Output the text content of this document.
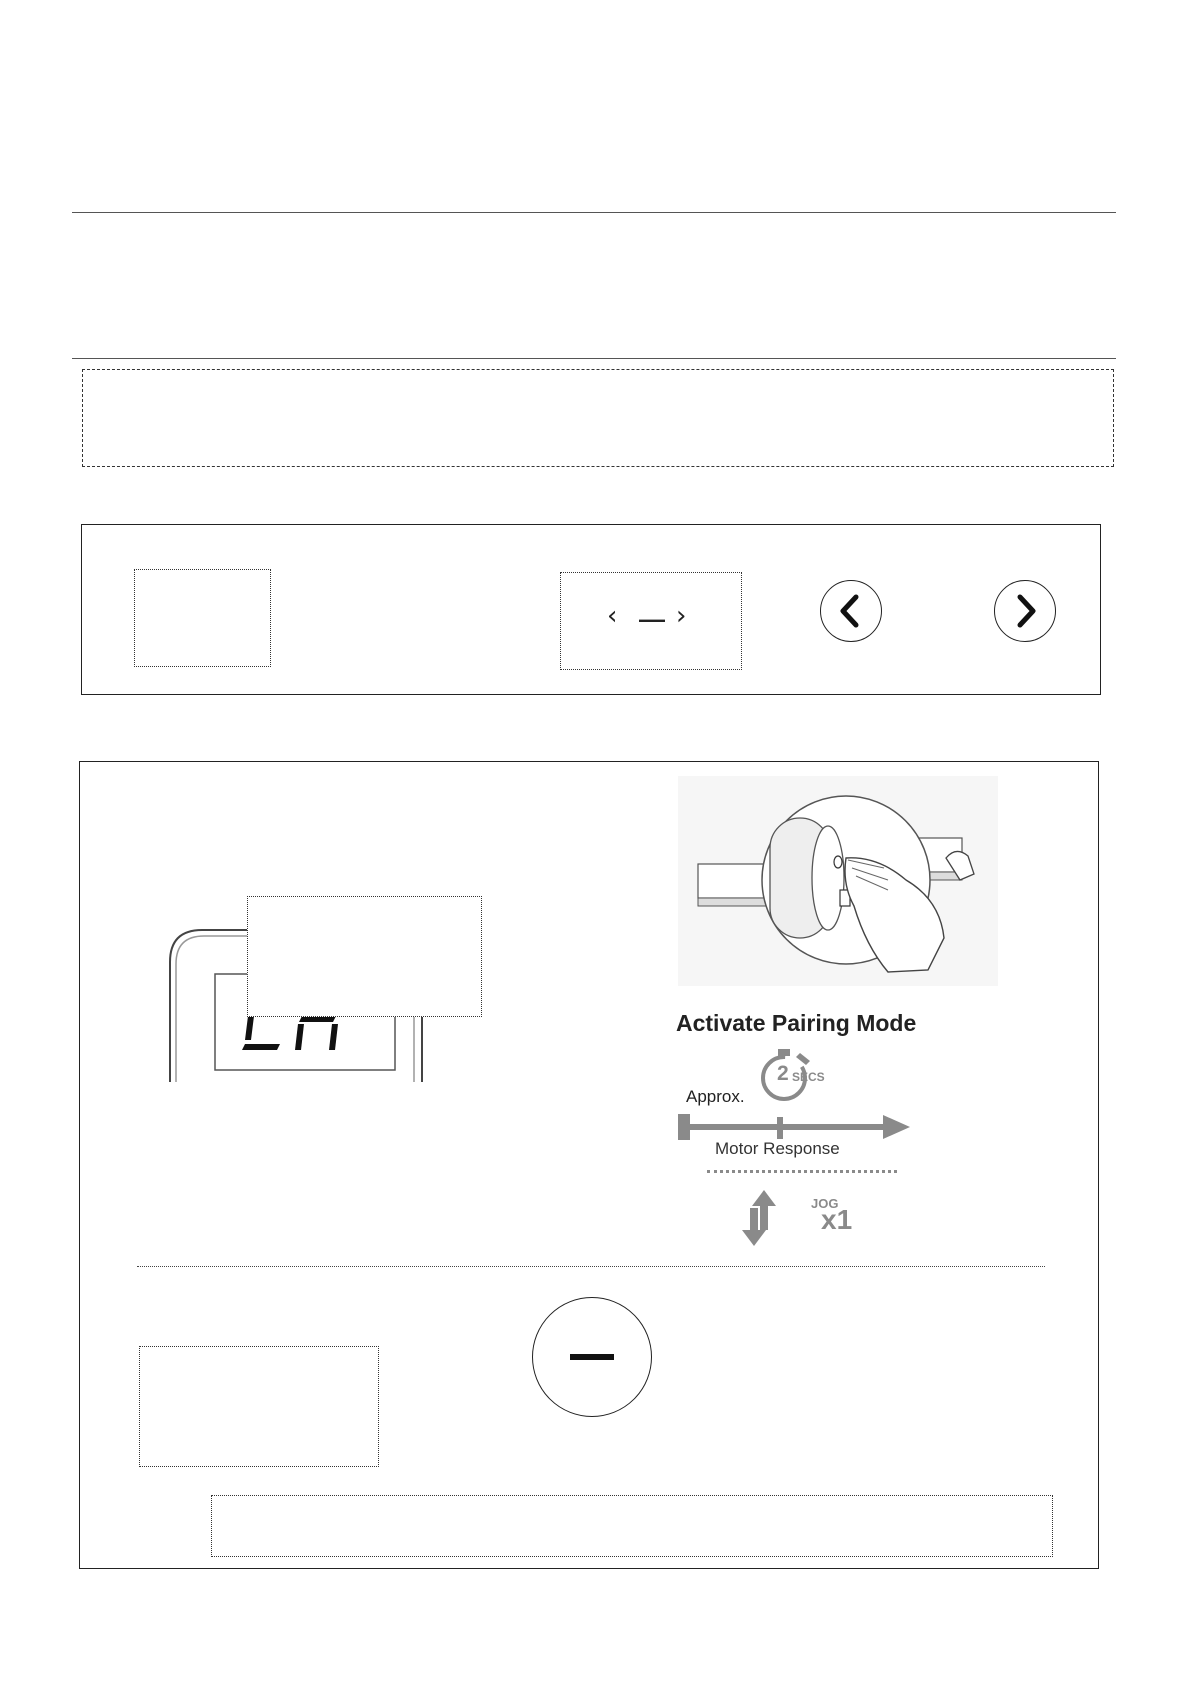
‹ __ ›
Activate Pairing Mode
2 SECS
Approx.
Motor Response
JOG
x1
